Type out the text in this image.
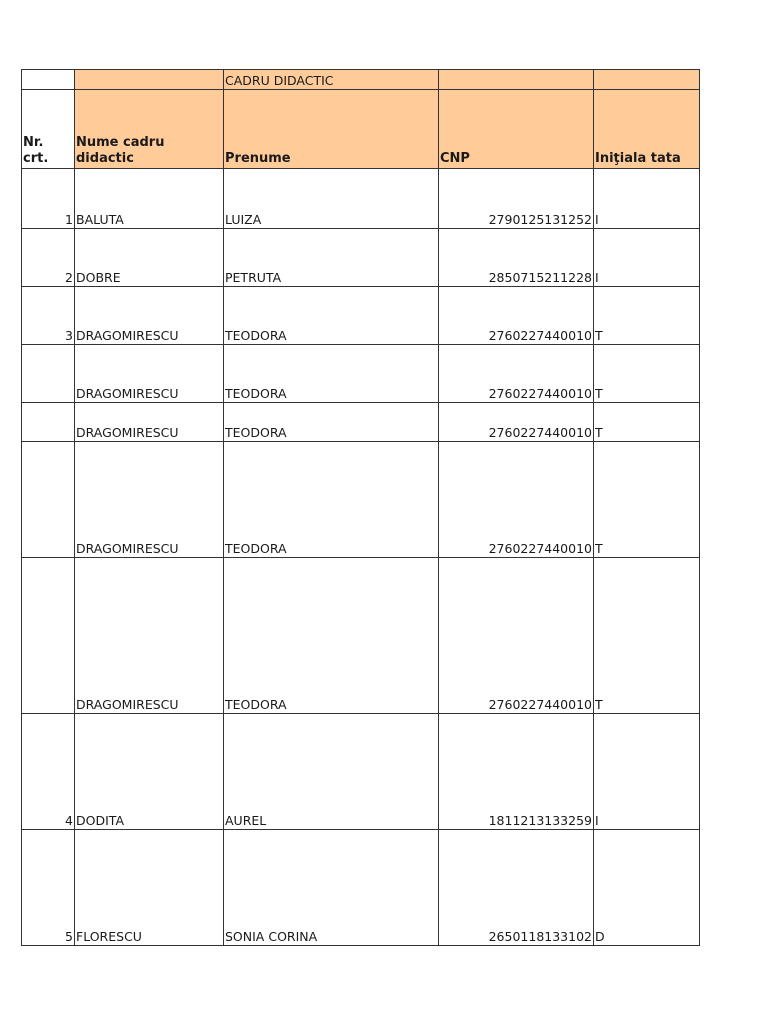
		CADRU DIDACTIC		
Nr. crt.	Nume cadru didactic	Prenume	CNP	Iniţiala tata
1	BALUTA	LUIZA	2790125131252	I
2	DOBRE	PETRUTA	2850715211228	I
3	DRAGOMIRESCU	TEODORA	2760227440010	T
	DRAGOMIRESCU	TEODORA	2760227440010	T
	DRAGOMIRESCU	TEODORA	2760227440010	T
	DRAGOMIRESCU	TEODORA	2760227440010	T
	DRAGOMIRESCU	TEODORA	2760227440010	T
4	DODITA	AUREL	1811213133259	I
5	FLORESCU	SONIA CORINA	2650118133102	D
